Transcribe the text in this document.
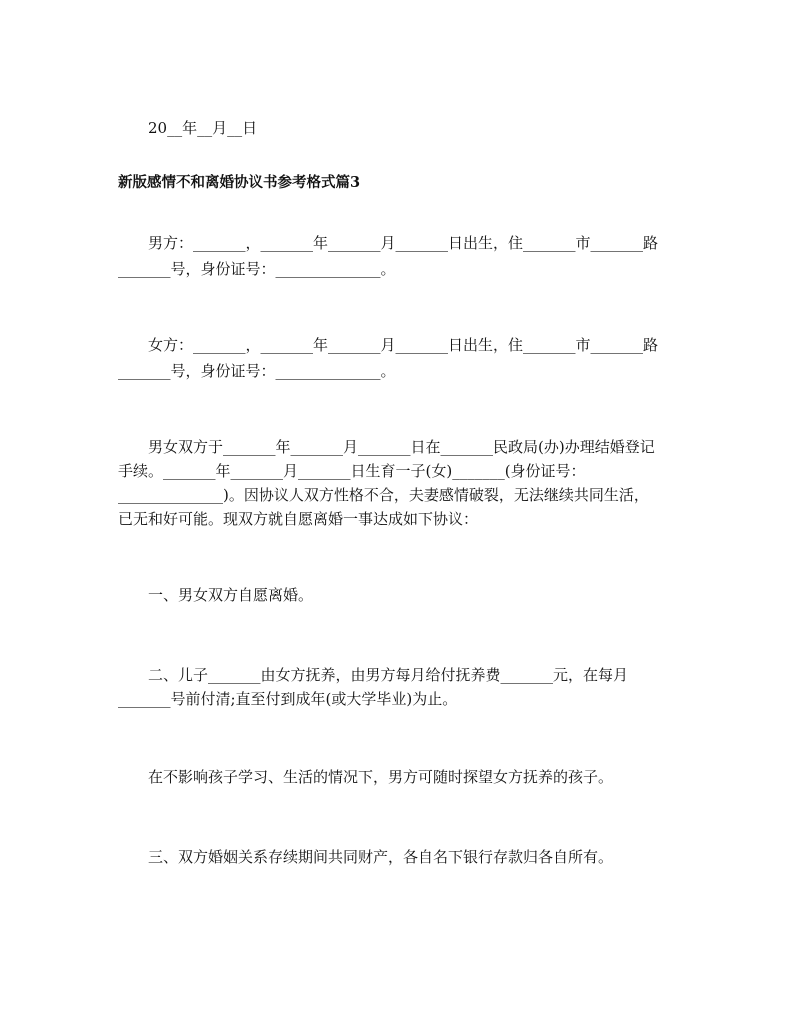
20__年__月__日
新版感情不和离婚协议书参考格式篇3
男方：_______，_______年_______月_______日出生，住_______市_______路
_______号，身份证号：______________。
女方：_______，_______年_______月_______日出生，住_______市_______路
_______号，身份证号：______________。
男女双方于_______年_______月_______日在_______民政局(办)办理结婚登记
手续。_______年_______月_______日生育一子(女)_______(身份证号：
______________)。因协议人双方性格不合，夫妻感情破裂，无法继续共同生活，
已无和好可能。现双方就自愿离婚一事达成如下协议：
一、男女双方自愿离婚。
二、儿子_______由女方抚养，由男方每月给付抚养费_______元，在每月
_______号前付清;直至付到成年(或大学毕业)为止。
在不影响孩子学习、生活的情况下，男方可随时探望女方抚养的孩子。
三、双方婚姻关系存续期间共同财产，各自名下银行存款归各自所有。
